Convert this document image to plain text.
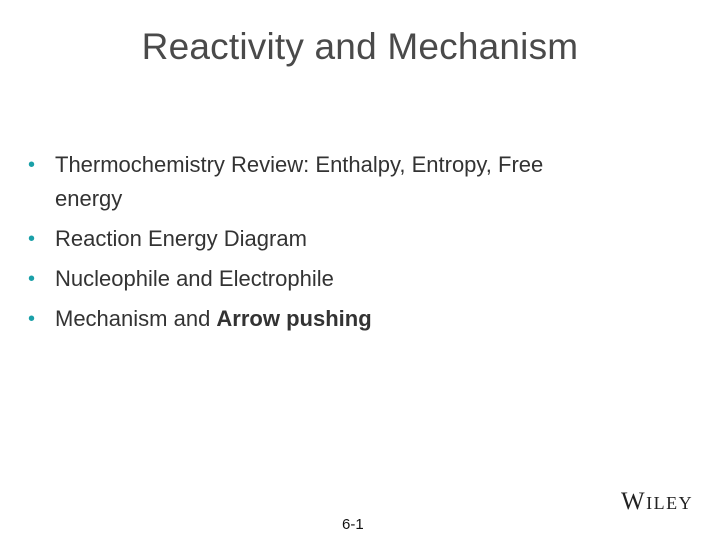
Reactivity and Mechanism
• Thermochemistry Review: Enthalpy, Entropy, Free energy
• Reaction Energy Diagram
• Nucleophile and Electrophile
• Mechanism and Arrow pushing
6-1
Wiley
